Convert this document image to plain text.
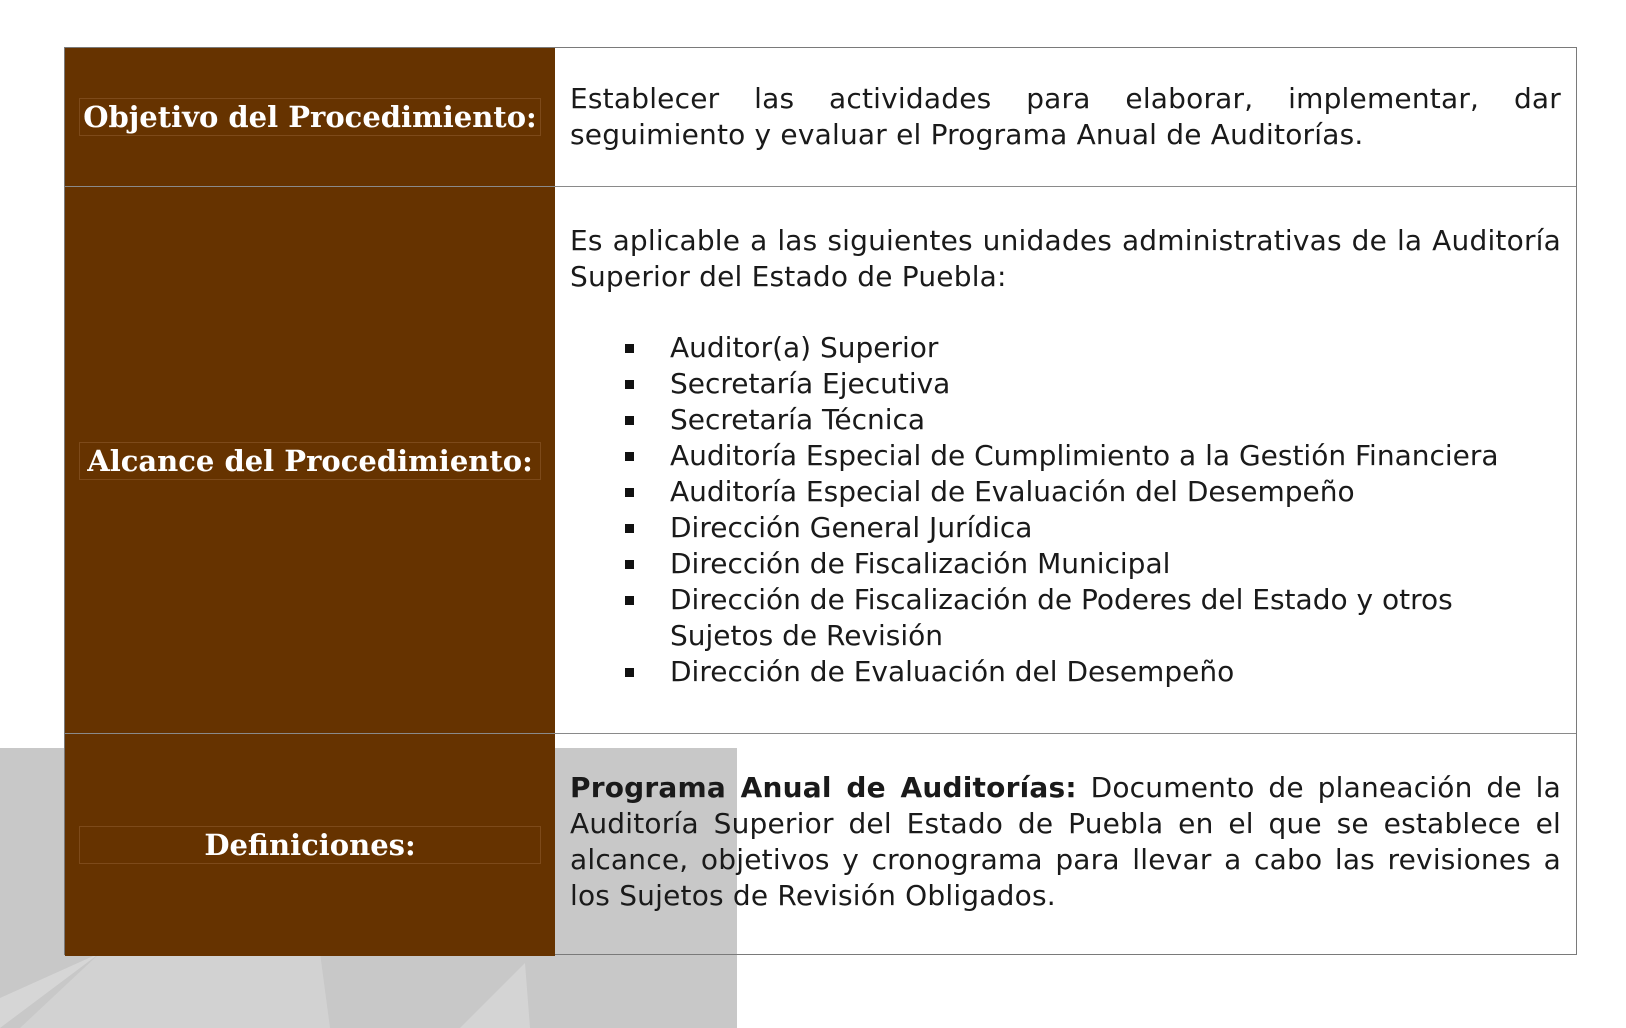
Objetivo del Procedimiento:

Establecer las actividades para elaborar, implementar, dar seguimiento y evaluar el Programa Anual de Auditorías.

Alcance del Procedimiento:

Es aplicable a las siguientes unidades administrativas de la Auditoría Superior del Estado de Puebla:

Auditor(a) Superior
Secretaría Ejecutiva
Secretaría Técnica
Auditoría Especial de Cumplimiento a la Gestión Financiera
Auditoría Especial de Evaluación del Desempeño
Dirección General Jurídica
Dirección de Fiscalización Municipal
Dirección de Fiscalización de Poderes del Estado y otros Sujetos de Revisión
Dirección de Evaluación del Desempeño
Definiciones:

Programa Anual de Auditorías: Documento de planeación de la Auditoría Superior del Estado de Puebla en el que se establece el alcance, objetivos y cronograma para llevar a cabo las revisiones a los Sujetos de Revisión Obligados.
